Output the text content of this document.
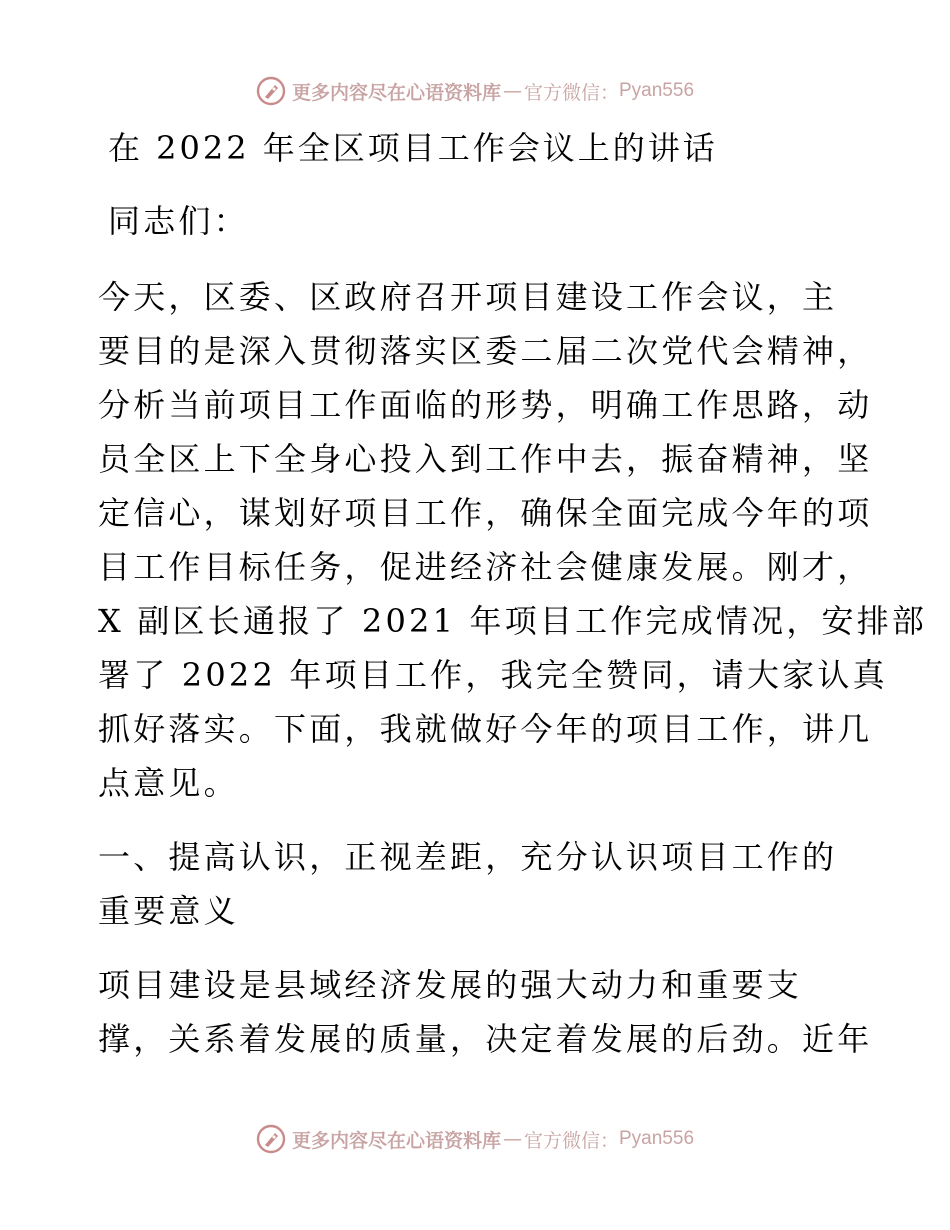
更多内容尽在心语资料库 — 官方微信： Pyan556
在 2022 年全区项目工作会议上的讲话
同志们：
今天，区委、区政府召开项目建设工作会议，主
要目的是深入贯彻落实区委二届二次党代会精神，
分析当前项目工作面临的形势，明确工作思路，动
员全区上下全身心投入到工作中去，振奋精神，坚
定信心，谋划好项目工作，确保全面完成今年的项
目工作目标任务，促进经济社会健康发展。刚才，
X 副区长通报了 2021 年项目工作完成情况，安排部
署了 2022 年项目工作，我完全赞同，请大家认真
抓好落实。下面，我就做好今年的项目工作，讲几
点意见。
一、提高认识，正视差距，充分认识项目工作的
重要意义
项目建设是县域经济发展的强大动力和重要支
撑，关系着发展的质量，决定着发展的后劲。近年
更多内容尽在心语资料库 — 官方微信： Pyan556
